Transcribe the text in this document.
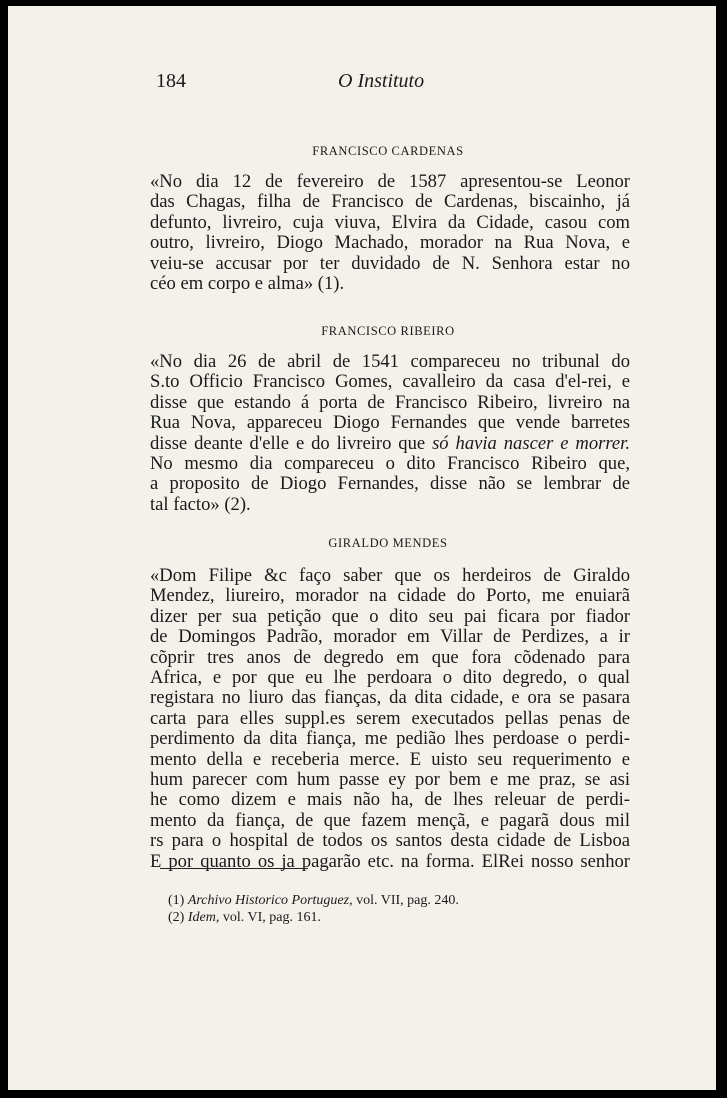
184	O Instituto
FRANCISCO CARDENAS
«No dia 12 de fevereiro de 1587 apresentou-se Leonor
das Chagas, filha de Francisco de Cardenas, biscainho, já
defunto, livreiro, cuja viuva, Elvira da Cidade, casou com
outro, livreiro, Diogo Machado, morador na Rua Nova, e
veiu-se accusar por ter duvidado de N. Senhora estar no
céo em corpo e alma» (1).
FRANCISCO RIBEIRO
«No dia 26 de abril de 1541 compareceu no tribunal do
S.to Officio Francisco Gomes, cavalleiro da casa d'el-rei, e
disse que estando á porta de Francisco Ribeiro, livreiro na
Rua Nova, appareceu Diogo Fernandes que vende barretes
disse deante d'elle e do livreiro que só havia nascer e morrer.
No mesmo dia compareceu o dito Francisco Ribeiro que,
a proposito de Diogo Fernandes, disse não se lembrar de
tal facto» (2).
GIRALDO MENDES
«Dom Filipe &c faço saber que os herdeiros de Giraldo
Mendez, liureiro, morador na cidade do Porto, me enuiarã
dizer per sua petição que o dito seu pai ficara por fiador
de Domingos Padrão, morador em Villar de Perdizes, a ir
cõprir tres anos de degredo em que fora cõdenado para
Africa, e por que eu lhe perdoara o dito degredo, o qual
registara no liuro das fianças, da dita cidade, e ora se pasara
carta para elles suppl.es serem executados pellas penas de
perdimento da dita fiança, me pedião lhes perdoase o perdi-
mento della e receberia merce. E uisto seu requerimento e
hum parecer com hum passe ey por bem e me praz, se asi
he como dizem e mais não ha, de lhes releuar de perdi-
mento da fiança, de que fazem mençã, e pagarã dous mil
rs para o hospital de todos os santos desta cidade de Lisboa
E por quanto os ja pagarão etc. na forma. ElRei nosso senhor
(1) Archivo Historico Portuguez, vol. VII, pag. 240.
(2) Idem, vol. VI, pag. 161.
